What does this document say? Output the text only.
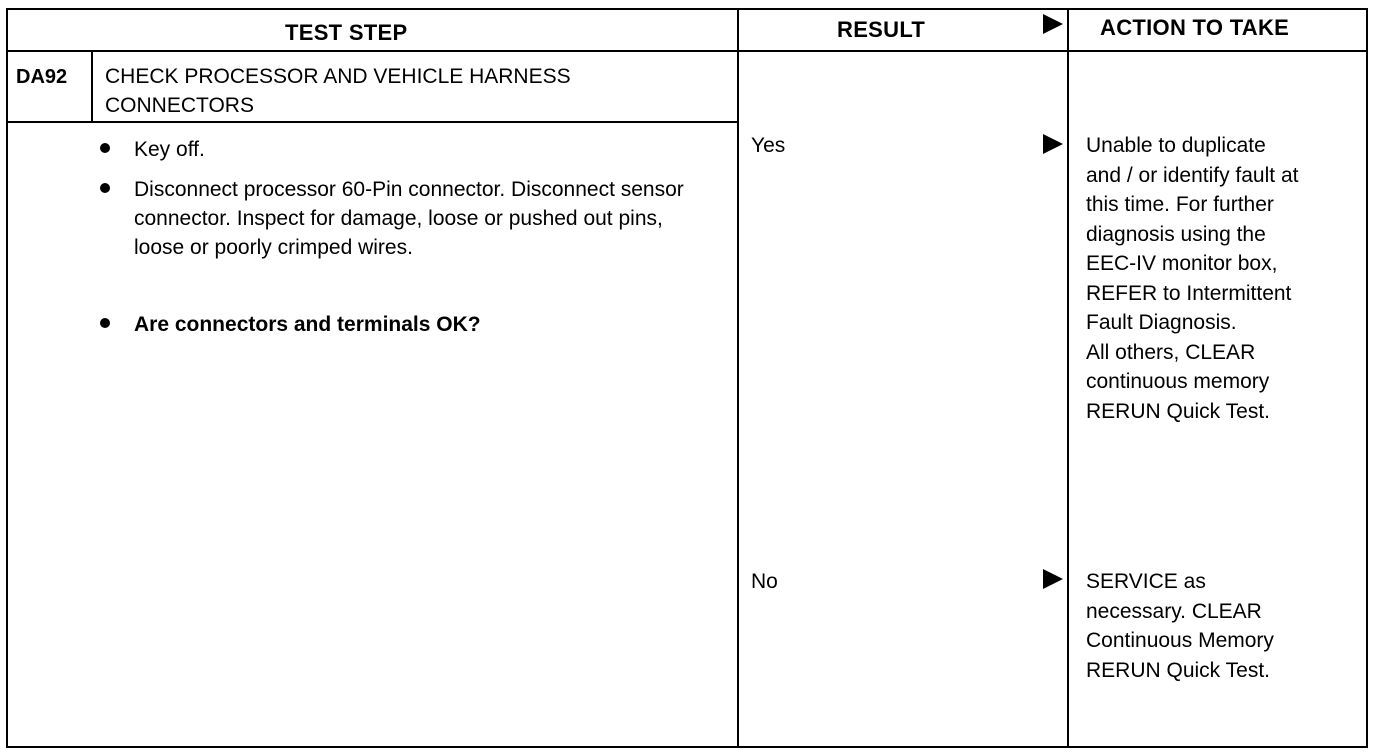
TEST STEP	RESULT	ACTION TO TAKE
DA92 CHECK PROCESSOR AND VEHICLE HARNESS
CONNECTORS
Key off.
Disconnect processor 60-Pin connector. Disconnect sensor connector. Inspect for damage, loose or pushed out pins, loose or poorly crimped wires.
Are connectors and terminals OK?
Yes	Unable to duplicate
and / or identify fault at
this time. For further
diagnosis using the
EEC-IV monitor box,
REFER to Intermittent
Fault Diagnosis.
All others, CLEAR
continuous memory
RERUN Quick Test.
No	SERVICE as
necessary. CLEAR
Continuous Memory
RERUN Quick Test.
